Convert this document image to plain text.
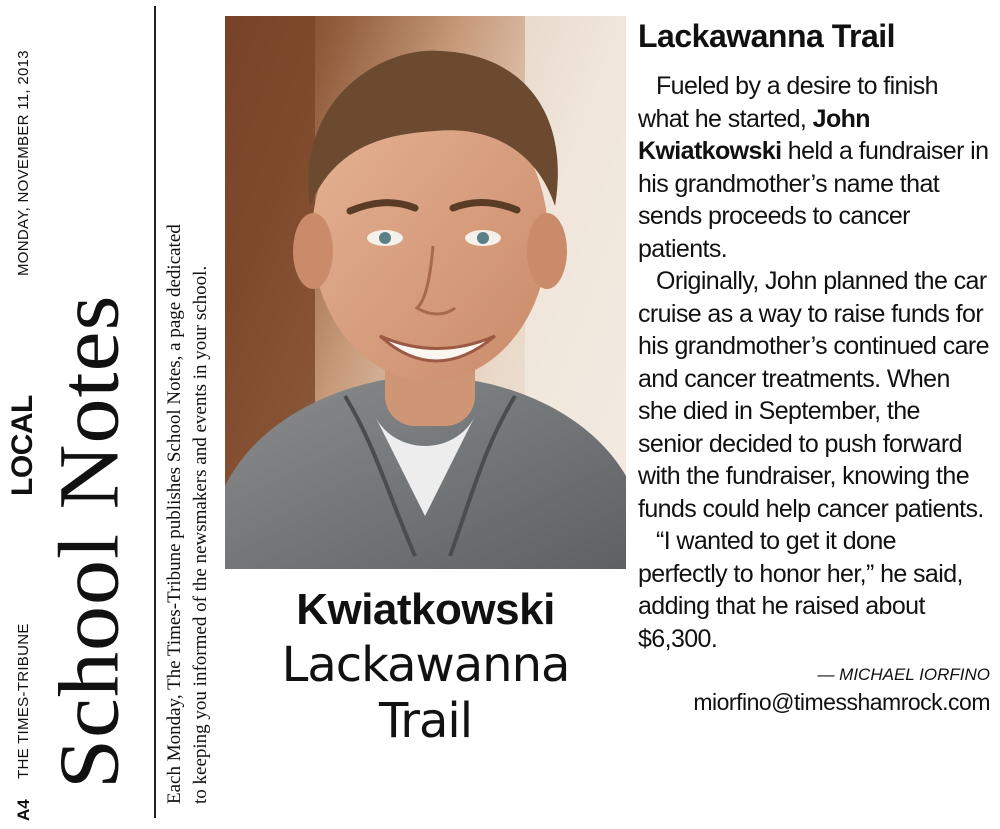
A4
THE TIMES-TRIBUNE
LOCAL
MONDAY, NOVEMBER 11, 2013
School Notes Each Monday, The Times-Tribune publishes School Notes, a page dedicated to keeping you informed of the newsmakers and events in your school.	Kwiatkowski
Lackawanna
Trail
Lackawanna Trail

Fueled by a desire to finish what he started, John Kwiatkowski held a fundraiser in his grandmother’s name that sends proceeds to cancer patients.

Originally, John planned the car cruise as a way to raise funds for his grandmother’s continued care and cancer treatments. When she died in September, the senior decided to push forward with the fundraiser, knowing the funds could help cancer patients.

“I wanted to get it done perfectly to honor her,” he said, adding that he raised about $6,300.

— MICHAEL IORFINO
miorfino@timesshamrock.com
